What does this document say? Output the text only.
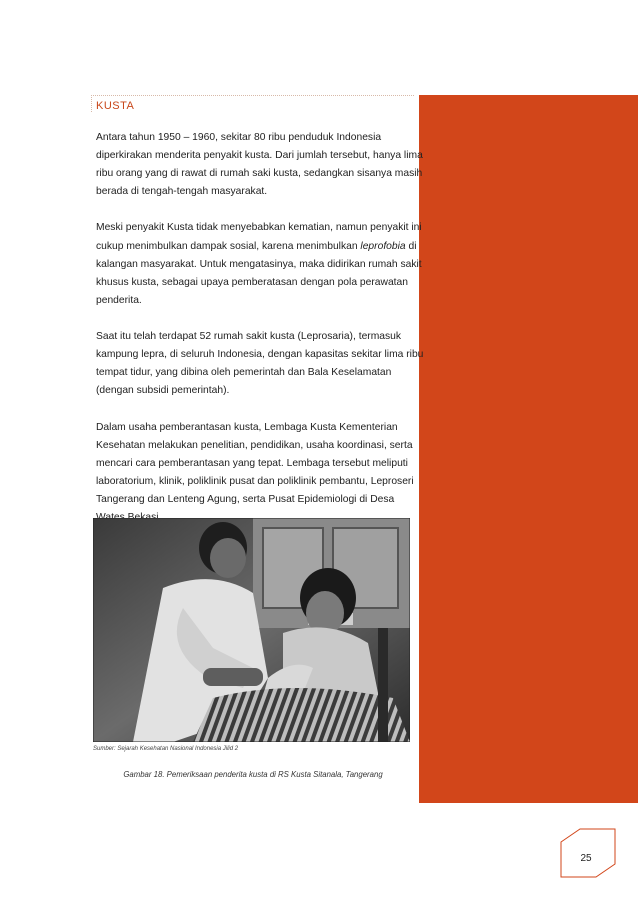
KUSTA

Antara tahun 1950 – 1960, sekitar 80 ribu penduduk Indonesia diperkirakan menderita penyakit kusta. Dari jumlah tersebut, hanya lima ribu orang yang di rawat di rumah saki kusta, sedangkan sisanya masih berada di tengah-tengah masyarakat.

Meski penyakit Kusta tidak menyebabkan kematian, namun penyakit ini cukup menimbulkan dampak sosial, karena menimbulkan leprofobia di kalangan masyarakat. Untuk mengatasinya, maka didirikan rumah sakit khusus kusta, sebagai upaya pemberatasan dengan pola perawatan penderita.

Saat itu telah terdapat 52 rumah sakit kusta (Leprosaria), termasuk kampung lepra, di seluruh Indonesia, dengan kapasitas sekitar lima ribu tempat tidur, yang dibina oleh pemerintah dan Bala Keselamatan (dengan subsidi pemerintah).

Dalam usaha pemberantasan kusta, Lembaga Kusta Kementerian Kesehatan melakukan penelitian, pendidikan, usaha koordinasi, serta mencari cara pemberantasan yang tepat. Lembaga tersebut meliputi laboratorium, klinik, poliklinik pusat dan poliklinik pembantu, Leproseri Tangerang dan Lenteng Agung, serta Pusat Epidemiologi di Desa

Sumber: Sejarah Kesehatan Nasional Indonesia Jilid 2
Gambar 18. Pemeriksaan penderita kusta di RS Kusta Sitanala, Tangerang
25
